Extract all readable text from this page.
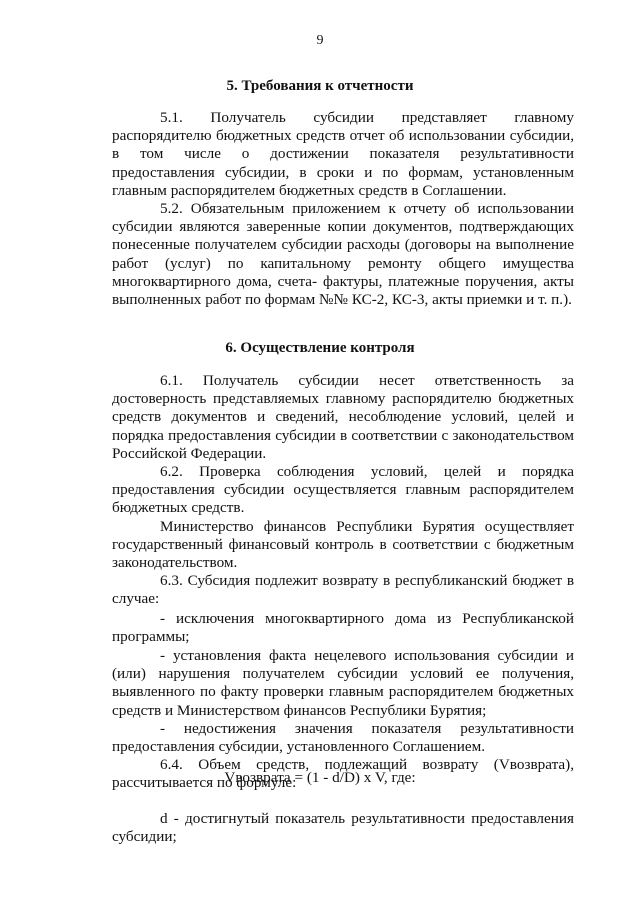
9
5. Требования к отчетности

5.1. Получатель субсидии представляет главному распорядителю бюджетных средств отчет об использовании субсидии, в том числе о достижении показателя результативности предоставления субсидии, в сроки и по формам, установленным главным распорядителем бюджетных средств в Соглашении.

5.2. Обязательным приложением к отчету об использовании субсидии являются заверенные копии документов, подтверждающих понесенные получателем субсидии расходы (договоры на выполнение работ (услуг) по капитальному ремонту общего имущества многоквартирного дома, счета- фактуры, платежные поручения, акты выполненных работ по формам №№ КС-2, КС-3, акты приемки и т. п.).

6. Осуществление контроля

6.1. Получатель субсидии несет ответственность за достоверность представляемых главному распорядителю бюджетных средств документов и сведений, несоблюдение условий, целей и порядка предоставления субсидии в соответствии с законодательством Российской Федерации.

6.2. Проверка соблюдения условий, целей и порядка предоставления субсидии осуществляется главным распорядителем бюджетных средств.

Министерство финансов Республики Бурятия осуществляет государственный финансовый контроль в соответствии с бюджетным законодательством.

6.3. Субсидия подлежит возврату в республиканский бюджет в случае:

- исключения многоквартирного дома из Республиканской программы;

- установления факта нецелевого использования субсидии и (или) нарушения получателем субсидии условий ее получения, выявленного по факту проверки главным распорядителем бюджетных средств и Министерством финансов Республики Бурятия;

- недостижения значения показателя результативности предоставления субсидии, установленного Соглашением.

6.4. Объем средств, подлежащий возврату (Vвозврата), рассчитывается по формуле:

Vвозврата = (1 - d/D) x V, где:

d - достигнутый показатель результативности предоставления субсидии;
